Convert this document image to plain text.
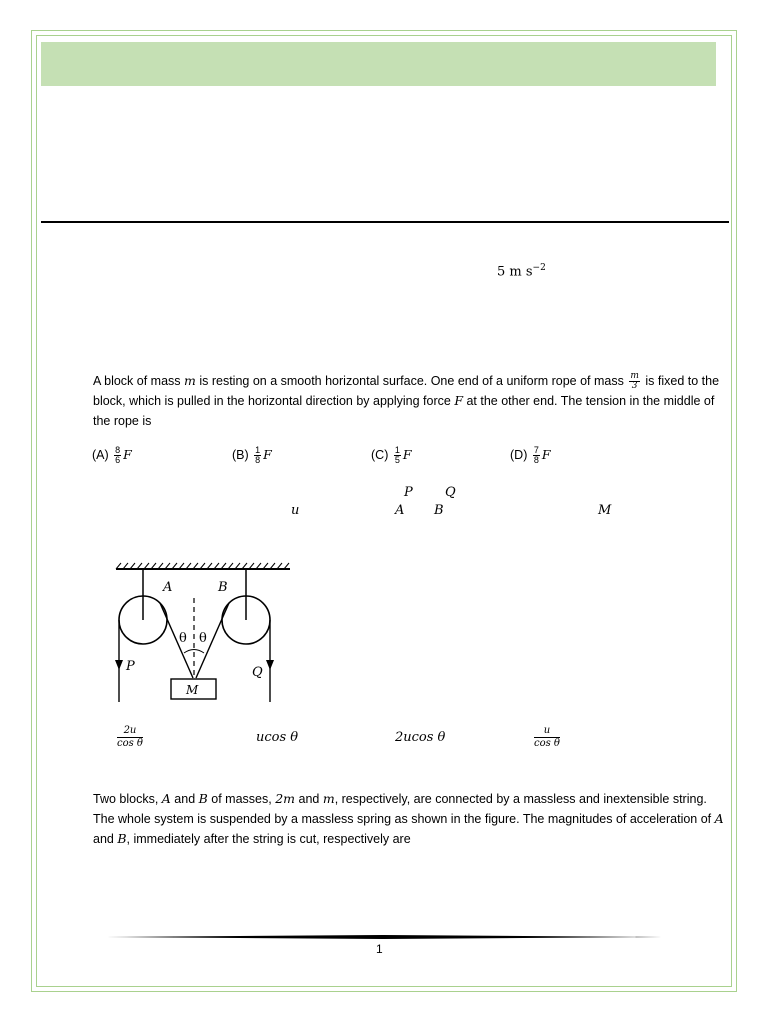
5 m $s^{-2}$
A block of mass m is resting on a smooth horizontal surface. One end of a uniform rope of mass $\frac{m}{3}$ is fixed to the block, which is pulled in the horizontal direction by applying force F at the other end. The tension in the middle of the rope is
$(A) \frac{8}{6}$ F	$(B) \frac{1}{8}$ F	$(C) \frac{1}{5}$ F	$(D) \frac{7}{8}$ F
P Q
u	A B	M
A	B
P	Q
M
θ θ
$\frac{2u}{\text{cos θ}}$	ucos θ	2ucos θ	$\frac{u}{\text{cos θ}}$
Two blocks, A and B of masses, 2m and m, respectively, are connected by a massless and inextensible string. The whole system is suspended by a massless spring as shown in the figure. The magnitudes of acceleration of A and B, immediately after the string is cut, respectively are
1
